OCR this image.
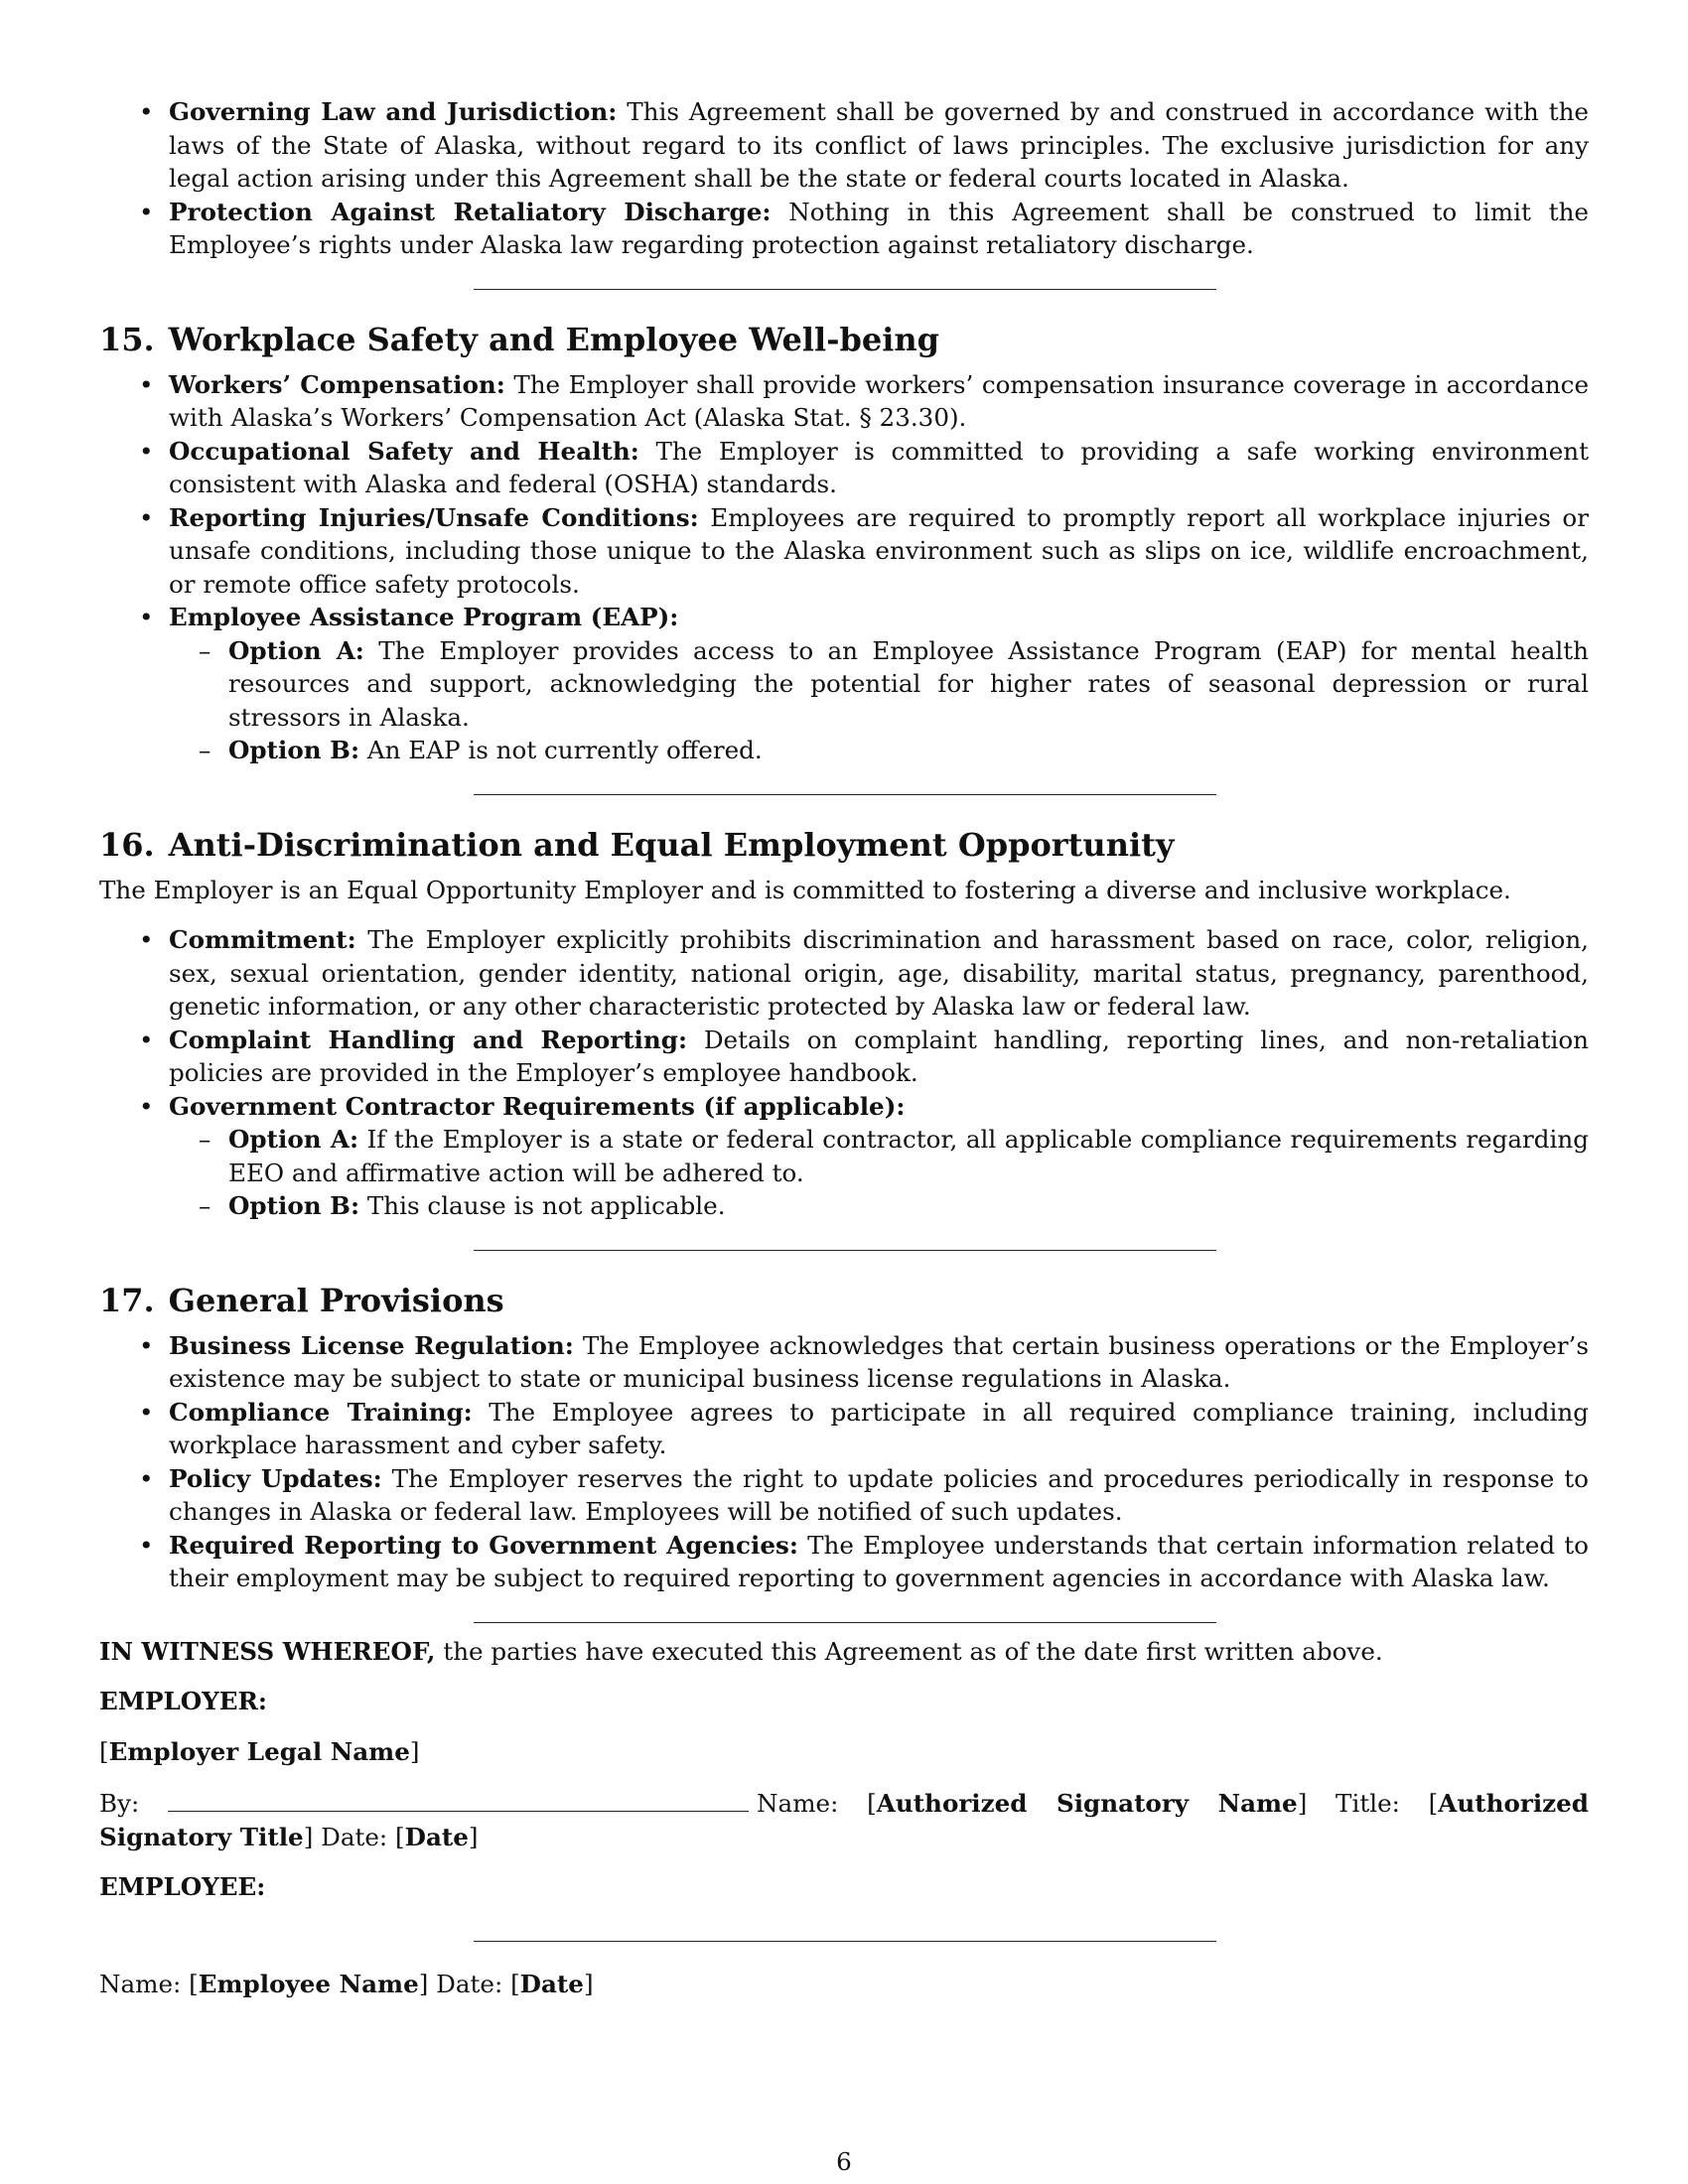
• Governing Law and Jurisdiction: This Agreement shall be governed by and construed in accordance with the laws of the State of Alaska, without regard to its conflict of laws principles. The exclusive jurisdiction for any legal action arising under this Agreement shall be the state or federal courts located in Alaska.
• Protection Against Retaliatory Discharge: Nothing in this Agreement shall be construed to limit the Employee’s rights under Alaska law regarding protection against retaliatory discharge.
15. Workplace Safety and Employee Well-being
• Workers’ Compensation: The Employer shall provide workers’ compensation insurance coverage in accordance with Alaska’s Workers’ Compensation Act (Alaska Stat. § 23.30).
• Occupational Safety and Health: The Employer is committed to providing a safe working environment consistent with Alaska and federal (OSHA) standards.
• Reporting Injuries/Unsafe Conditions: Employees are required to promptly report all workplace injuries or unsafe conditions, including those unique to the Alaska environment such as slips on ice, wildlife encroachment, or remote office safety protocols.
• Employee Assistance Program (EAP):
– Option A: The Employer provides access to an Employee Assistance Program (EAP) for mental health resources and support, acknowledging the potential for higher rates of seasonal depression or rural stressors in Alaska.
– Option B: An EAP is not currently offered.
16. Anti-Discrimination and Equal Employment Opportunity

The Employer is an Equal Opportunity Employer and is committed to fostering a diverse and inclusive workplace.

• Commitment: The Employer explicitly prohibits discrimination and harassment based on race, color, religion, sex, sexual orientation, gender identity, national origin, age, disability, marital status, pregnancy, parenthood, genetic information, or any other characteristic protected by Alaska law or federal law.
• Complaint Handling and Reporting: Details on complaint handling, reporting lines, and non-retaliation policies are provided in the Employer’s employee handbook.
• Government Contractor Requirements (if applicable):
– Option A: If the Employer is a state or federal contractor, all applicable compliance requirements regarding EEO and affirmative action will be adhered to.
– Option B: This clause is not applicable.
17. General Provisions
• Business License Regulation: The Employee acknowledges that certain business operations or the Employer’s existence may be subject to state or municipal business license regulations in Alaska.
• Compliance Training: The Employee agrees to participate in all required compliance training, including workplace harassment and cyber safety.
• Policy Updates: The Employer reserves the right to update policies and procedures periodically in response to changes in Alaska or federal law. Employees will be notified of such updates.
• Required Reporting to Government Agencies: The Employee understands that certain information related to their employment may be subject to required reporting to government agencies in accordance with Alaska law.

IN WITNESS WHEREOF, the parties have executed this Agreement as of the date first written above.

EMPLOYER:

[Employer Legal Name]

By:	Name: [Authorized Signatory Name] Title: [Authorized Signatory Title] Date: [Date]

EMPLOYEE:

Name: [Employee Name] Date: [Date]

6
